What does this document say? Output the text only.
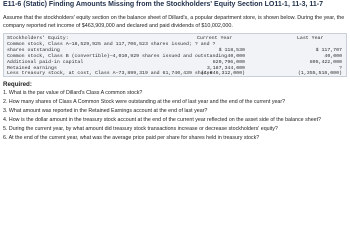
E11-6 (Static) Finding Amounts Missing from the Stockholders' Equity Section LO11-1, 11-3, 11-7
Assume that the stockholders' equity section on the balance sheet of Dillard's, a popular department store, is shown below. During the year, the company reported net income of $463,909,000 and declared and paid dividends of $10,002,000.
Stockholders' Equity:	Current Year	Last Year
Common stock, Class A—18,529,925 and 117,706,523 shares issued; ? and ?
shares outstanding	$ 118,530	$ 117,707
Common stock, Class B (convertible)—4,010,929 shares issued and outstanding 40,000	40,000
Additional paid-in capital	820,796,000	805,422,000
Retained earnings	3,187,344,000	?
Less treasury stock, at cost, Class A–73,899,319 and 61,740,439 shares
(1,846,312,000)	(1,355,516,000)
Required:
1. What is the par value of Dillard's Class A common stock?
2. How many shares of Class A Common Stock were outstanding at the end of last year and the end of the current year?
3. What amount was reported in the Retained Earnings account at the end of last year?
4. How is the dollar amount in the treasury stock account at the end of the current year reflected on the asset side of the balance sheet?
5. During the current year, by what amount did treasury stock transactions increase or decrease stockholders' equity?
6. At the end of the current year, what was the average price paid per share for shares held in treasury stock?
